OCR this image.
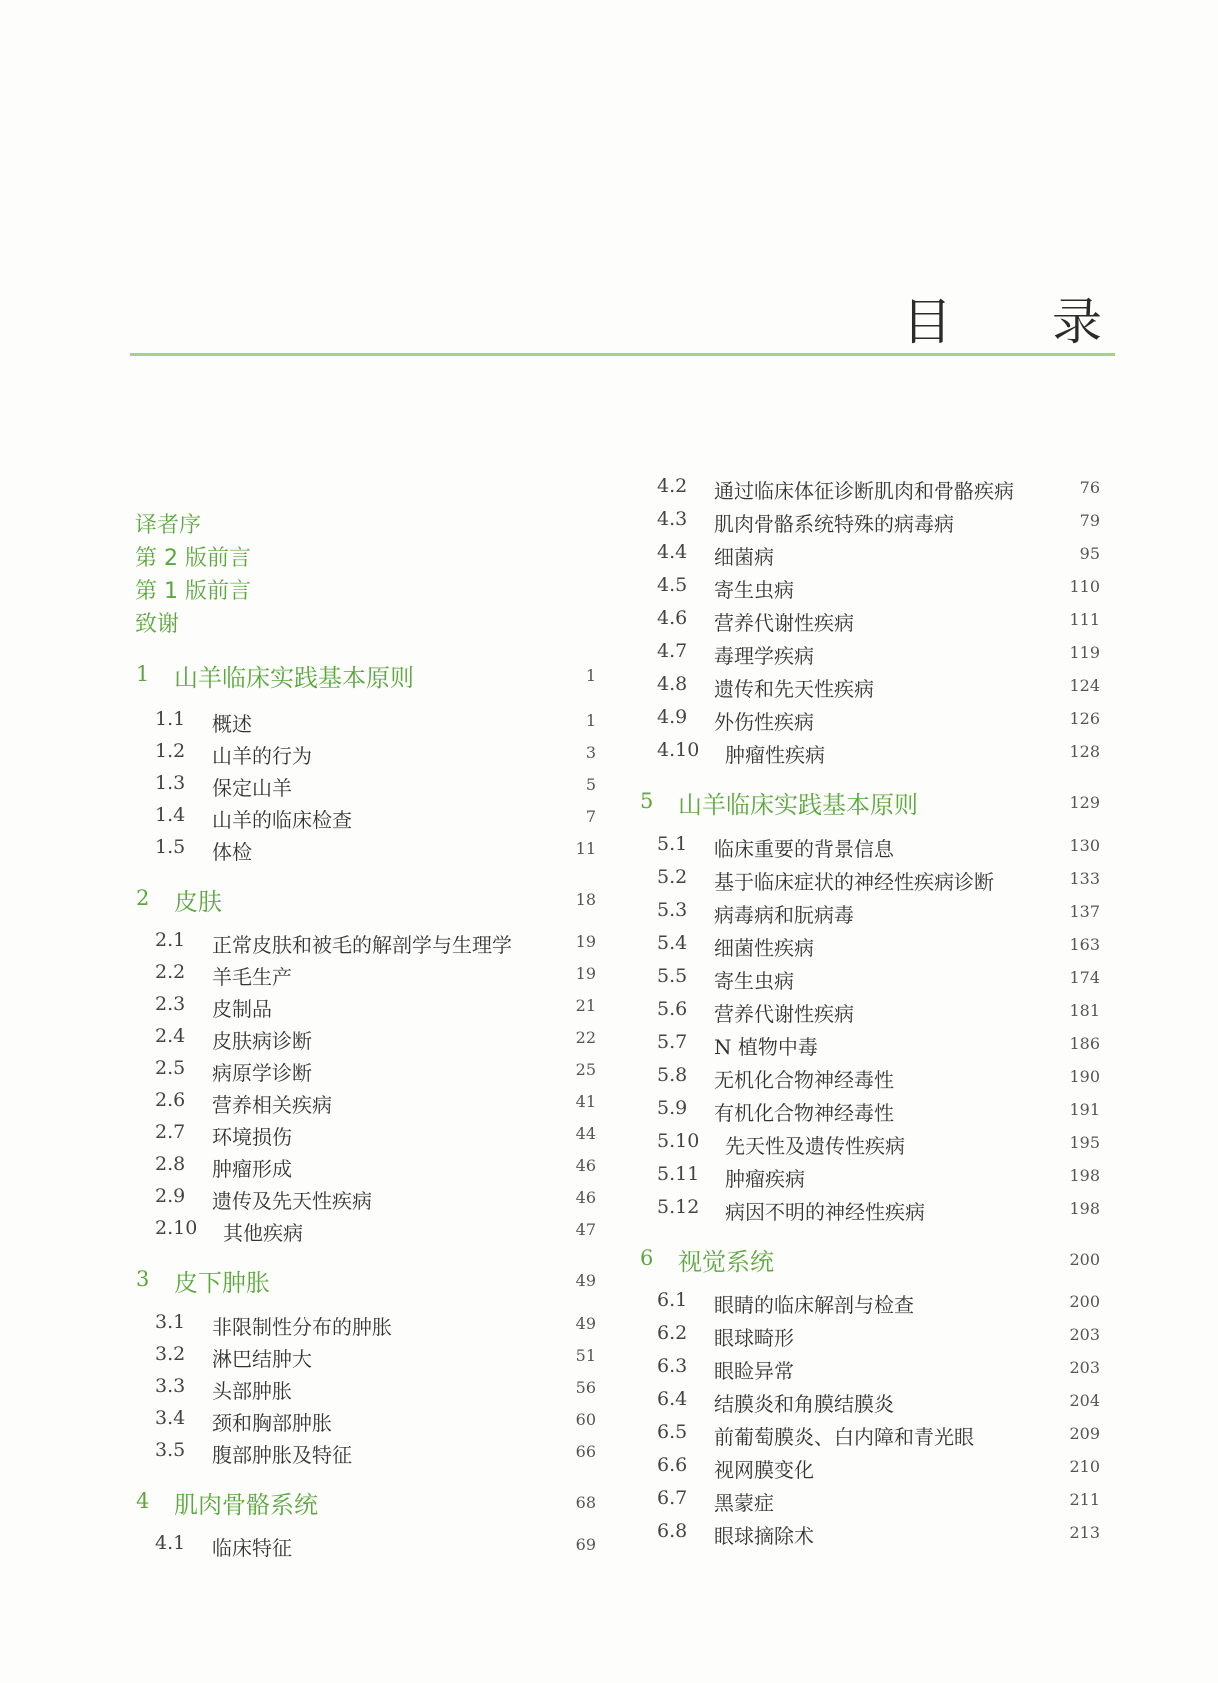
目 录
译者序
第 2 版前言
第 1 版前言
致谢
1 山羊临床实践基本原则	1
1.1 概述	1
1.2 山羊的行为	3
1.3 保定山羊	5
1.4 山羊的临床检查	7
1.5 体检	11
2 皮肤	18
2.1 正常皮肤和被毛的解剖学与生理学	19
2.2 羊毛生产	19
2.3 皮制品	21
2.4 皮肤病诊断	22
2.5 病原学诊断	25
2.6 营养相关疾病	41
2.7 环境损伤	44
2.8 肿瘤形成	46
2.9 遗传及先天性疾病	46
2.10 其他疾病	47
3 皮下肿胀	49
3.1 非限制性分布的肿胀	49
3.2 淋巴结肿大	51
3.3 头部肿胀	56
3.4 颈和胸部肿胀	60
3.5 腹部肿胀及特征	66
4 肌肉骨骼系统	68
4.1 临床特征	69
4.2 通过临床体征诊断肌肉和骨骼疾病	76
4.3 肌肉骨骼系统特殊的病毒病	79
4.4 细菌病	95
4.5 寄生虫病	110
4.6 营养代谢性疾病	111
4.7 毒理学疾病	119
4.8 遗传和先天性疾病	124
4.9 外伤性疾病	126
4.10 肿瘤性疾病	128
5 山羊临床实践基本原则	129
5.1 临床重要的背景信息	130
5.2 基于临床症状的神经性疾病诊断	133
5.3 病毒病和朊病毒	137
5.4 细菌性疾病	163
5.5 寄生虫病	174
5.6 营养代谢性疾病	181
5.7 N 植物中毒	186
5.8 无机化合物神经毒性	190
5.9 有机化合物神经毒性	191
5.10 先天性及遗传性疾病	195
5.11 肿瘤疾病	198
5.12 病因不明的神经性疾病	198
6 视觉系统	200
6.1 眼睛的临床解剖与检查	200
6.2 眼球畸形	203
6.3 眼睑异常	203
6.4 结膜炎和角膜结膜炎	204
6.5 前葡萄膜炎、白内障和青光眼	209
6.6 视网膜变化	210
6.7 黑蒙症	211
6.8 眼球摘除术	213
